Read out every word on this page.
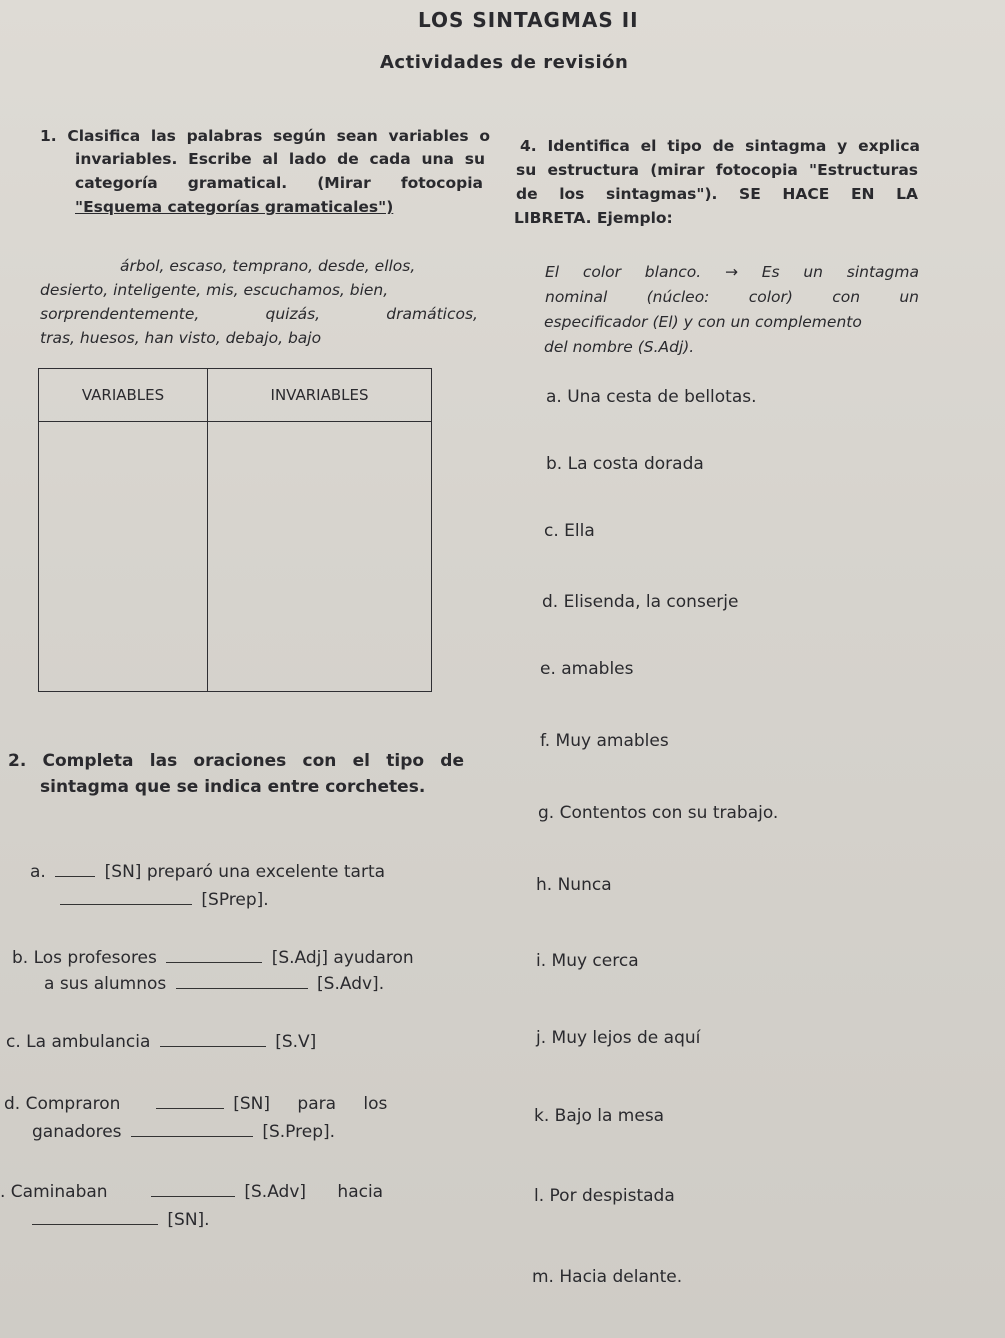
LOS SINTAGMAS II

Actividades de revisión

1. Clasifica las palabras según sean variables o

invariables. Escribe al lado de cada una su

categoría gramatical. (Mirar fotocopia

"Esquema categorías gramaticales")

árbol, escaso, temprano, desde, ellos,

desierto, inteligente, mis, escuchamos, bien,

sorprendentemente, quizás, dramáticos,

tras, huesos, han visto, debajo, bajo

VARIABLES	INVARIABLES

2. Completa las oraciones con el tipo de

sintagma que se indica entre corchetes.

a.	[SN] preparó una excelente tarta

[SPrep].

b. Los profesores	[S.Adj] ayudaron

a sus alumnos	[S.Adv].

c. La ambulancia	[S.V]

d. Compraron	[SN] para los

ganadores	[S.Prep].

. Caminaban	[S.Adv] hacia

[SN].

4. Identifica el tipo de sintagma y explica

su estructura (mirar fotocopia "Estructuras

de los sintagmas"). SE HACE EN LA

LIBRETA. Ejemplo:

El color blanco. → Es un sintagma

nominal (núcleo: color) con un

especificador (El) y con un complemento

del nombre (S.Adj).

a. Una cesta de bellotas.

b. La costa dorada

c. Ella

d. Elisenda, la conserje

e. amables

f. Muy amables

g. Contentos con su trabajo.

h. Nunca

i. Muy cerca

j. Muy lejos de aquí

k. Bajo la mesa

l. Por despistada

m. Hacia delante.
